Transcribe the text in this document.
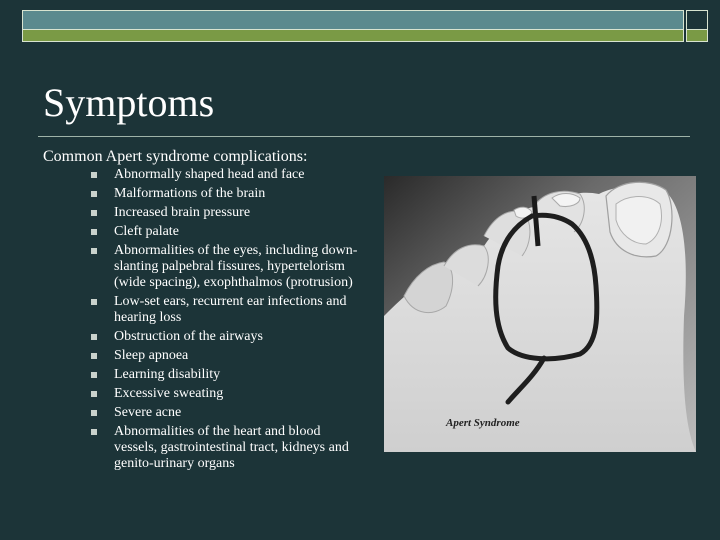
Symptoms
Common Apert syndrome complications:
Abnormally shaped head and face
Malformations of the brain
Increased brain pressure
Cleft palate
Abnormalities of the eyes, including down-slanting palpebral fissures, hypertelorism (wide spacing), exophthalmos (protrusion)
Low-set ears, recurrent ear infections and hearing loss
Obstruction of the airways
Sleep apnoea
Learning disability
Excessive sweating
Severe acne
Abnormalities of the heart and blood vessels, gastrointestinal tract, kidneys and genito-urinary organs
Apert Syndrome
